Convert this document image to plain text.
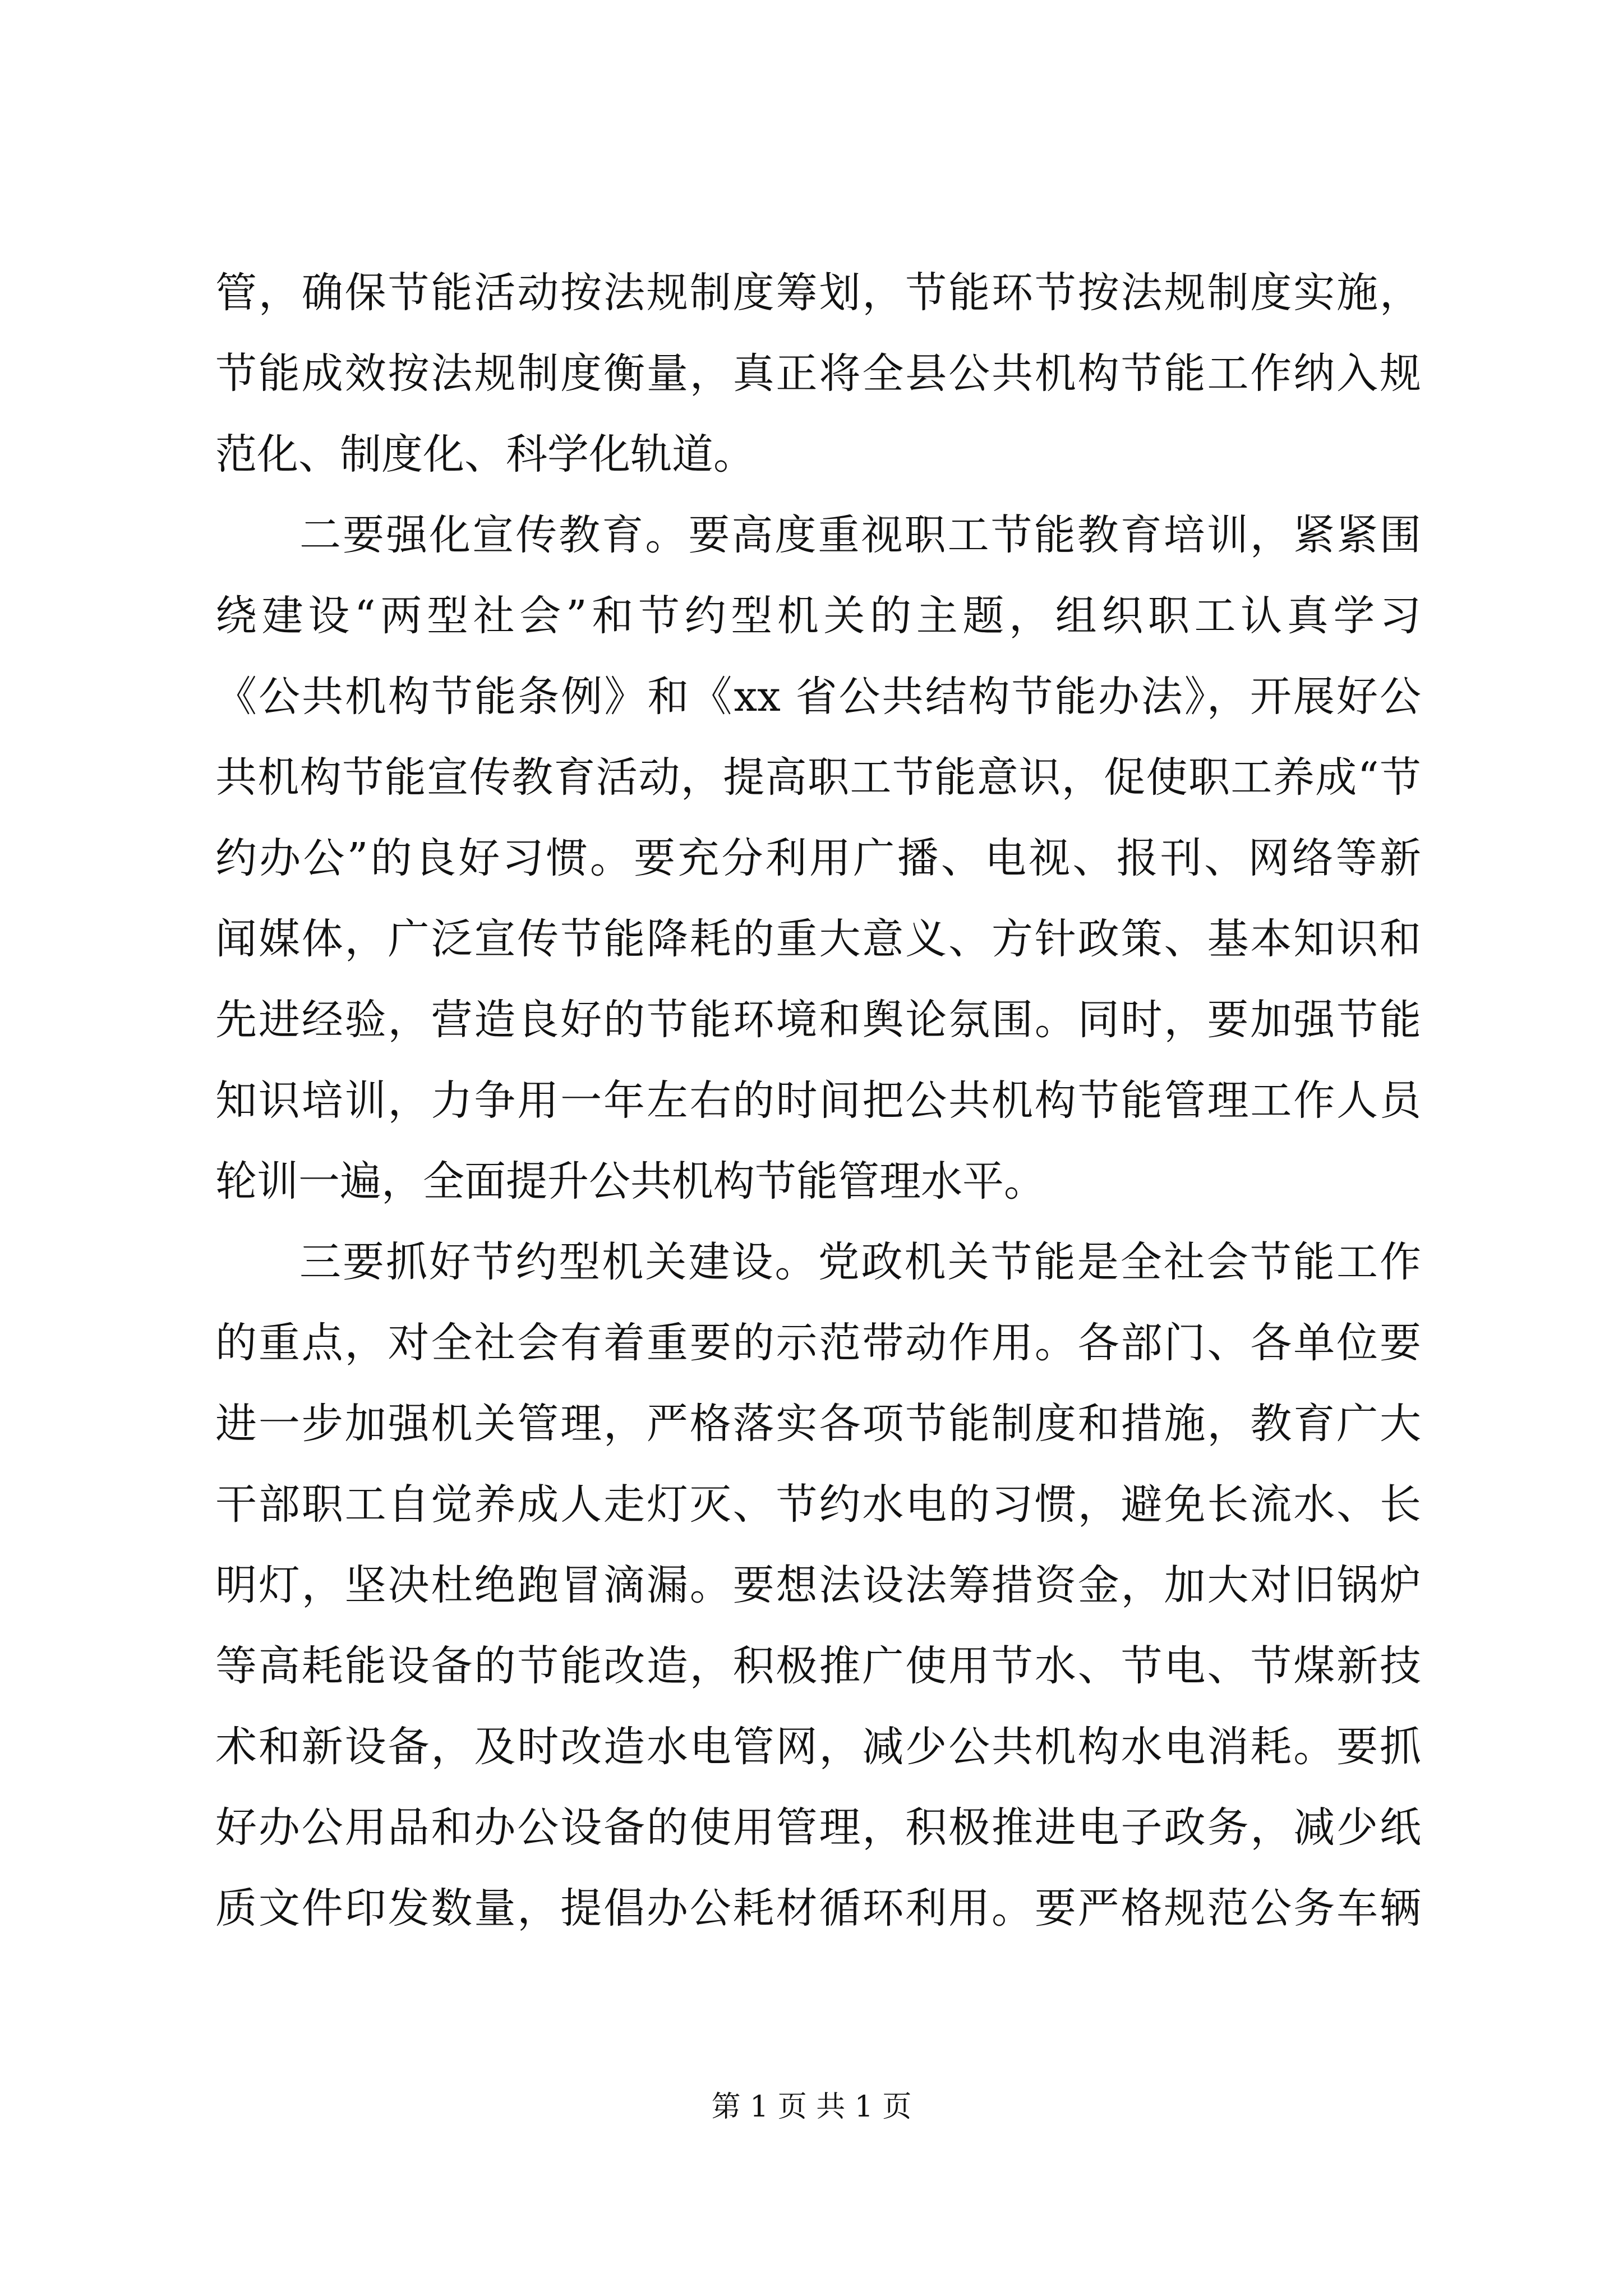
管，确保节能活动按法规制度筹划，节能环节按法规制度实施，
节能成效按法规制度衡量，真正将全县公共机构节能工作纳入规
范化、制度化、科学化轨道。
二要强化宣传教育。要高度重视职工节能教育培训，紧紧围
绕建设“两型社会”和节约型机关的主题，组织职工认真学习
《公共机构节能条例》和《xx 省公共结构节能办法》，开展好公
共机构节能宣传教育活动，提高职工节能意识，促使职工养成“节
约办公”的良好习惯。要充分利用广播、电视、报刊、网络等新
闻媒体，广泛宣传节能降耗的重大意义、方针政策、基本知识和
先进经验，营造良好的节能环境和舆论氛围。同时，要加强节能
知识培训，力争用一年左右的时间把公共机构节能管理工作人员
轮训一遍，全面提升公共机构节能管理水平。
三要抓好节约型机关建设。党政机关节能是全社会节能工作
的重点，对全社会有着重要的示范带动作用。各部门、各单位要
进一步加强机关管理，严格落实各项节能制度和措施，教育广大
干部职工自觉养成人走灯灭、节约水电的习惯，避免长流水、长
明灯，坚决杜绝跑冒滴漏。要想法设法筹措资金，加大对旧锅炉
等高耗能设备的节能改造，积极推广使用节水、节电、节煤新技
术和新设备，及时改造水电管网，减少公共机构水电消耗。要抓
好办公用品和办公设备的使用管理，积极推进电子政务，减少纸
质文件印发数量，提倡办公耗材循环利用。要严格规范公务车辆
第 1 页 共 1 页
